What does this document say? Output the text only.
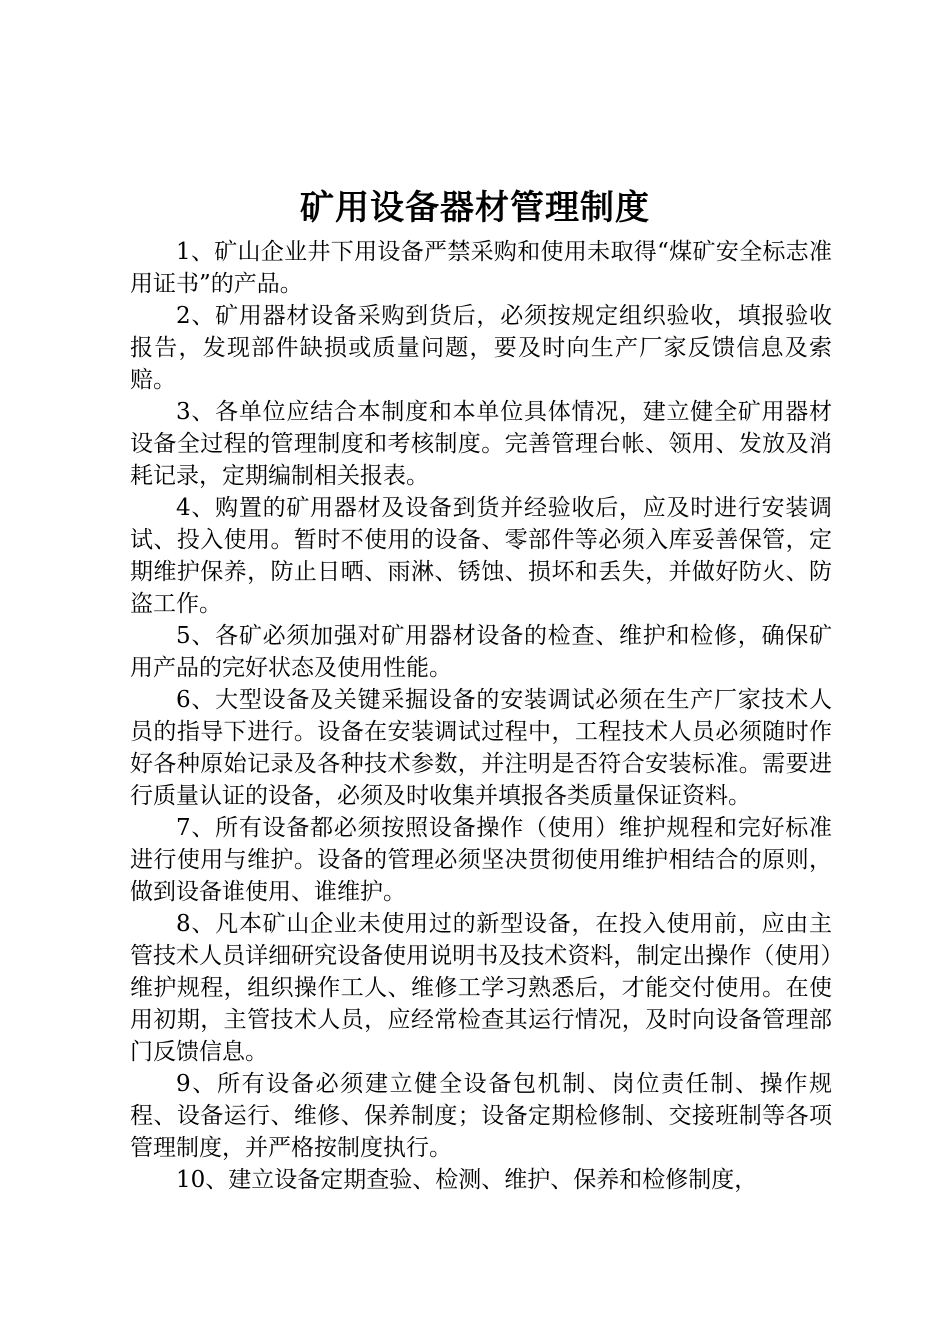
矿用设备器材管理制度

1、矿山企业井下用设备严禁采购和使用未取得“煤矿安全标志准用证书”的产品。

2、矿用器材设备采购到货后，必须按规定组织验收，填报验收报告，发现部件缺损或质量问题，要及时向生产厂家反馈信息及索赔。

3、各单位应结合本制度和本单位具体情况，建立健全矿用器材设备全过程的管理制度和考核制度。完善管理台帐、领用、发放及消耗记录，定期编制相关报表。

4、购置的矿用器材及设备到货并经验收后，应及时进行安装调试、投入使用。暂时不使用的设备、零部件等必须入库妥善保管，定期维护保养，防止日晒、雨淋、锈蚀、损坏和丢失，并做好防火、防盗工作。

5、各矿必须加强对矿用器材设备的检查、维护和检修，确保矿用产品的完好状态及使用性能。

6、大型设备及关键采掘设备的安装调试必须在生产厂家技术人员的指导下进行。设备在安装调试过程中，工程技术人员必须随时作好各种原始记录及各种技术参数，并注明是否符合安装标准。需要进行质量认证的设备，必须及时收集并填报各类质量保证资料。

7、所有设备都必须按照设备操作（使用）维护规程和完好标准进行使用与维护。设备的管理必须坚决贯彻使用维护相结合的原则，做到设备谁使用、谁维护。

8、凡本矿山企业未使用过的新型设备，在投入使用前，应由主管技术人员详细研究设备使用说明书及技术资料，制定出操作（使用）维护规程，组织操作工人、维修工学习熟悉后，才能交付使用。在使用初期，主管技术人员，应经常检查其运行情况，及时向设备管理部门反馈信息。

9、所有设备必须建立健全设备包机制、岗位责任制、操作规程、设备运行、维修、保养制度；设备定期检修制、交接班制等各项管理制度，并严格按制度执行。

10、建立设备定期查验、检测、维护、保养和检修制度，
